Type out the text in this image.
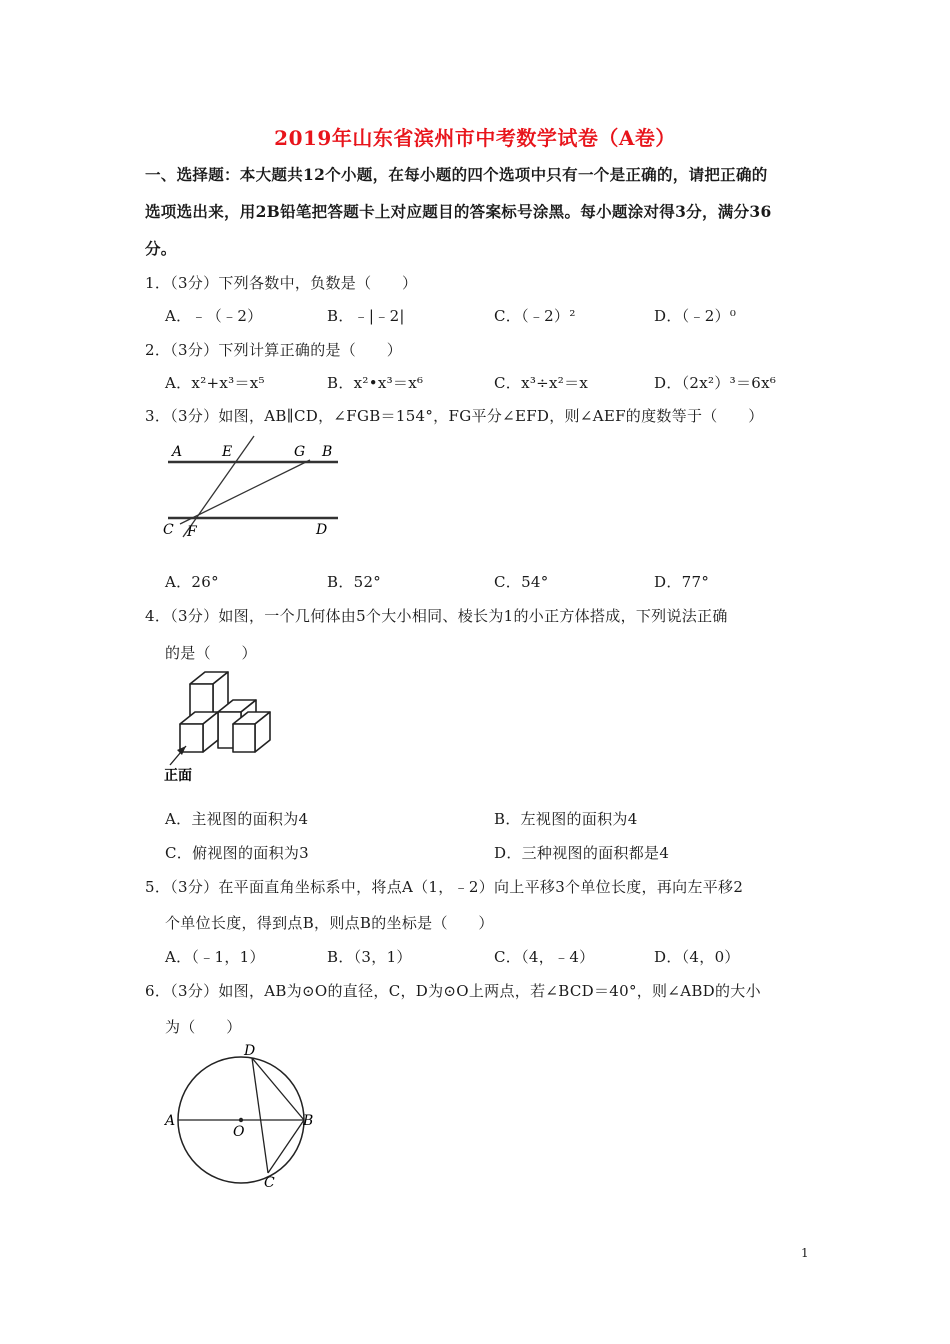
2019年山东省滨州市中考数学试卷（A卷）
一、选择题：本大题共12个小题，在每小题的四个选项中只有一个是正确的，请把正确的
选项选出来，用2B铅笔把答题卡上对应题目的答案标号涂黑。每小题涂对得3分，满分36
分。
1．（3分）下列各数中，负数是（　　）
A．﹣（﹣2）	B．﹣|﹣2|	C．（﹣2）²	D．（﹣2）⁰
2．（3分）下列计算正确的是（　　）
A．x²+x³＝x⁵	B．x²•x³＝x⁶	C．x³÷x²＝x	D．（2x²）³＝6x⁶
3．（3分）如图，AB∥CD，∠FGB＝154°，FG平分∠EFD，则∠AEF的度数等于（　　）
A	E	G B
C F	D
A．26°	B．52°	C．54°	D．77°
4．（3分）如图，一个几何体由5个大小相同、棱长为1的小正方体搭成，下列说法正确
的是（　　）
正面
A．主视图的面积为4	B．左视图的面积为4
C．俯视图的面积为3	D．三种视图的面积都是4
5．（3分）在平面直角坐标系中，将点A（1，﹣2）向上平移3个单位长度，再向左平移2
个单位长度，得到点B，则点B的坐标是（　　）
A．（﹣1，1）	B．（3，1）	C．（4，﹣4）	D．（4，0）
6．（3分）如图，AB为⊙O的直径，C，D为⊙O上两点，若∠BCD＝40°，则∠ABD的大小
为（　　）
D
A
O
B
C
1
